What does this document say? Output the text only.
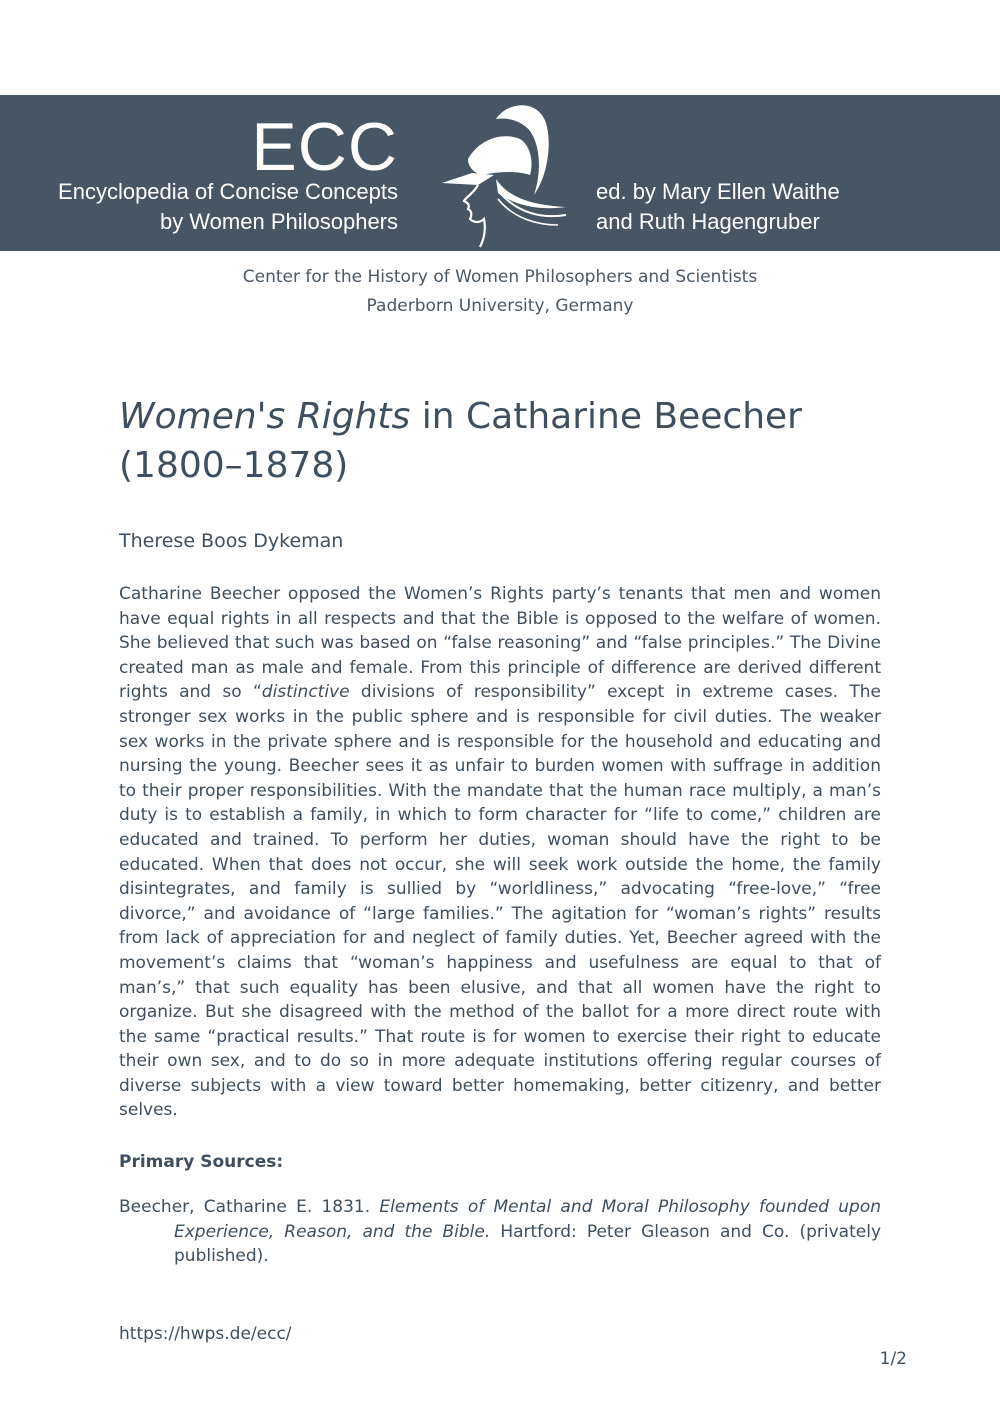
ECC
Encyclopedia of Concise Concepts
by Women Philosophers
ed. by Mary Ellen Waithe
and Ruth Hagengruber
Center for the History of Women Philosophers and Scientists
Paderborn University, Germany
Women's Rights in Catharine Beecher (1800–1878)
Therese Boos Dykeman

Catharine Beecher opposed the Women’s Rights party’s tenants that men and women have equal rights in all respects and that the Bible is opposed to the welfare of women. She believed that such was based on “false reasoning” and “false principles.” The Divine created man as male and female. From this principle of difference are derived different rights and so “distinctive divisions of responsibility” except in extreme cases. The stronger sex works in the public sphere and is responsible for civil duties. The weaker sex works in the private sphere and is responsible for the household and educating and nursing the young. Beecher sees it as unfair to burden women with suffrage in addition to their proper responsibilities. With the mandate that the human race multiply, a man’s duty is to establish a family, in which to form character for “life to come,” children are educated and trained. To perform her duties, woman should have the right to be educated. When that does not occur, she will seek work outside the home, the family disintegrates, and family is sullied by “worldliness,” advocating “free-love,” “free divorce,” and avoidance of “large families.” The agitation for “woman’s rights” results from lack of appreciation for and neglect of family duties. Yet, Beecher agreed with the movement’s claims that “woman’s happiness and usefulness are equal to that of man’s,” that such equality has been elusive, and that all women have the right to organize. But she disagreed with the method of the ballot for a more direct route with the same “practical results.” That route is for women to exercise their right to educate their own sex, and to do so in more adequate institutions offering regular courses of diverse subjects with a view toward better homemaking, better citizenry, and better selves.

Primary Sources:

Beecher, Catharine E. 1831. Elements of Mental and Moral Philosophy founded upon Experience, Reason, and the Bible. Hartford: Peter Gleason and Co. (privately published).

https://hwps.de/ecc/
1/2
